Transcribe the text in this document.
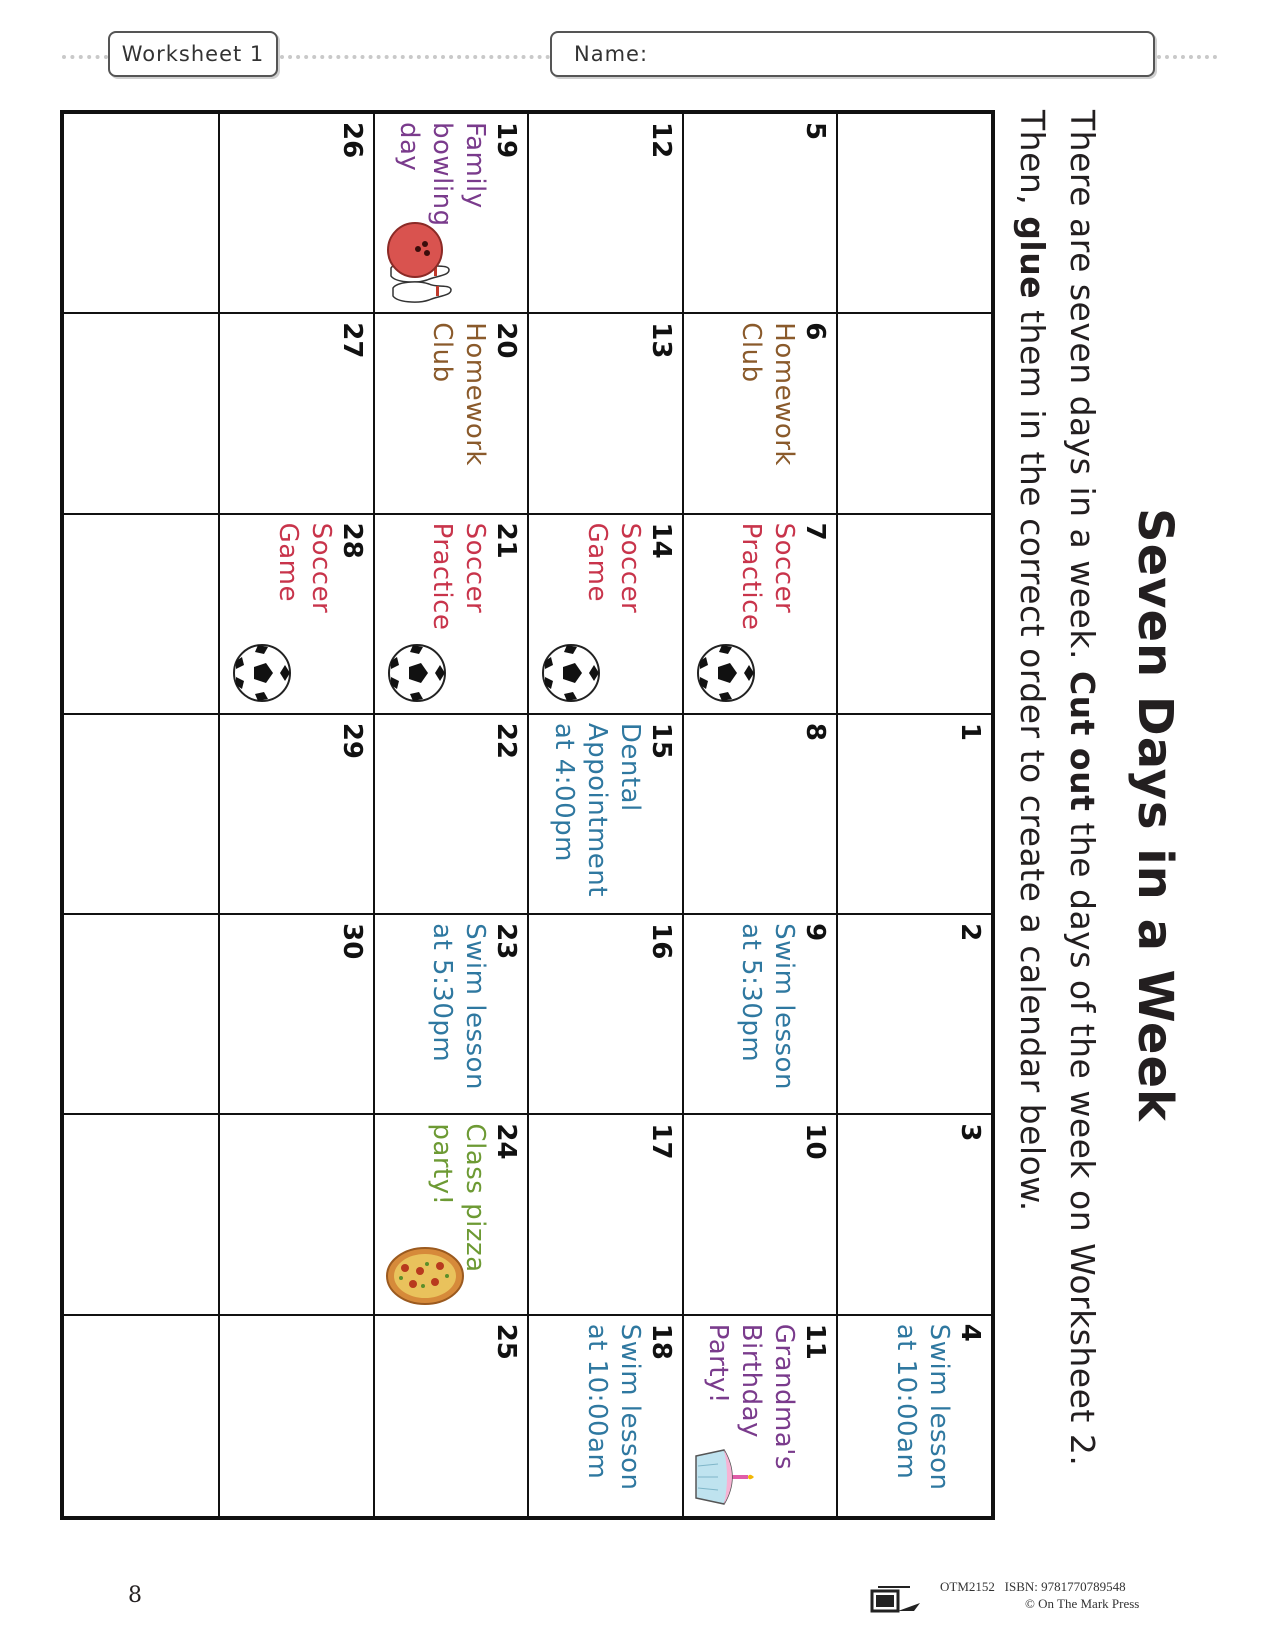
Worksheet 1	Name:
Seven Days in a Week
There are seven days in a week. Cut out the days of the week on Worksheet 2. Then, glue them in the correct order to create a calendar below.
1
2
3
4
Swim lesson
at 10:00am
5
6
Homework
Club
7
Soccer
Practice
8
9
Swim lesson
at 5:30pm
10
11
Grandma's
Birthday
Party!
12
13
14
Soccer
Game
15
Dental
Appointment
at 4:00pm
16
17
18
Swim lesson
at 10:00am
19
Family
bowling
day
20
Homework
Club
21
Soccer
Practice
22
23
Swim lesson
at 5:30pm
24
Class pizza
party!
25
26
27
28
Soccer
Game
29
30
8	OTM2152 ISBN: 9781770789548
© On The Mark Press
